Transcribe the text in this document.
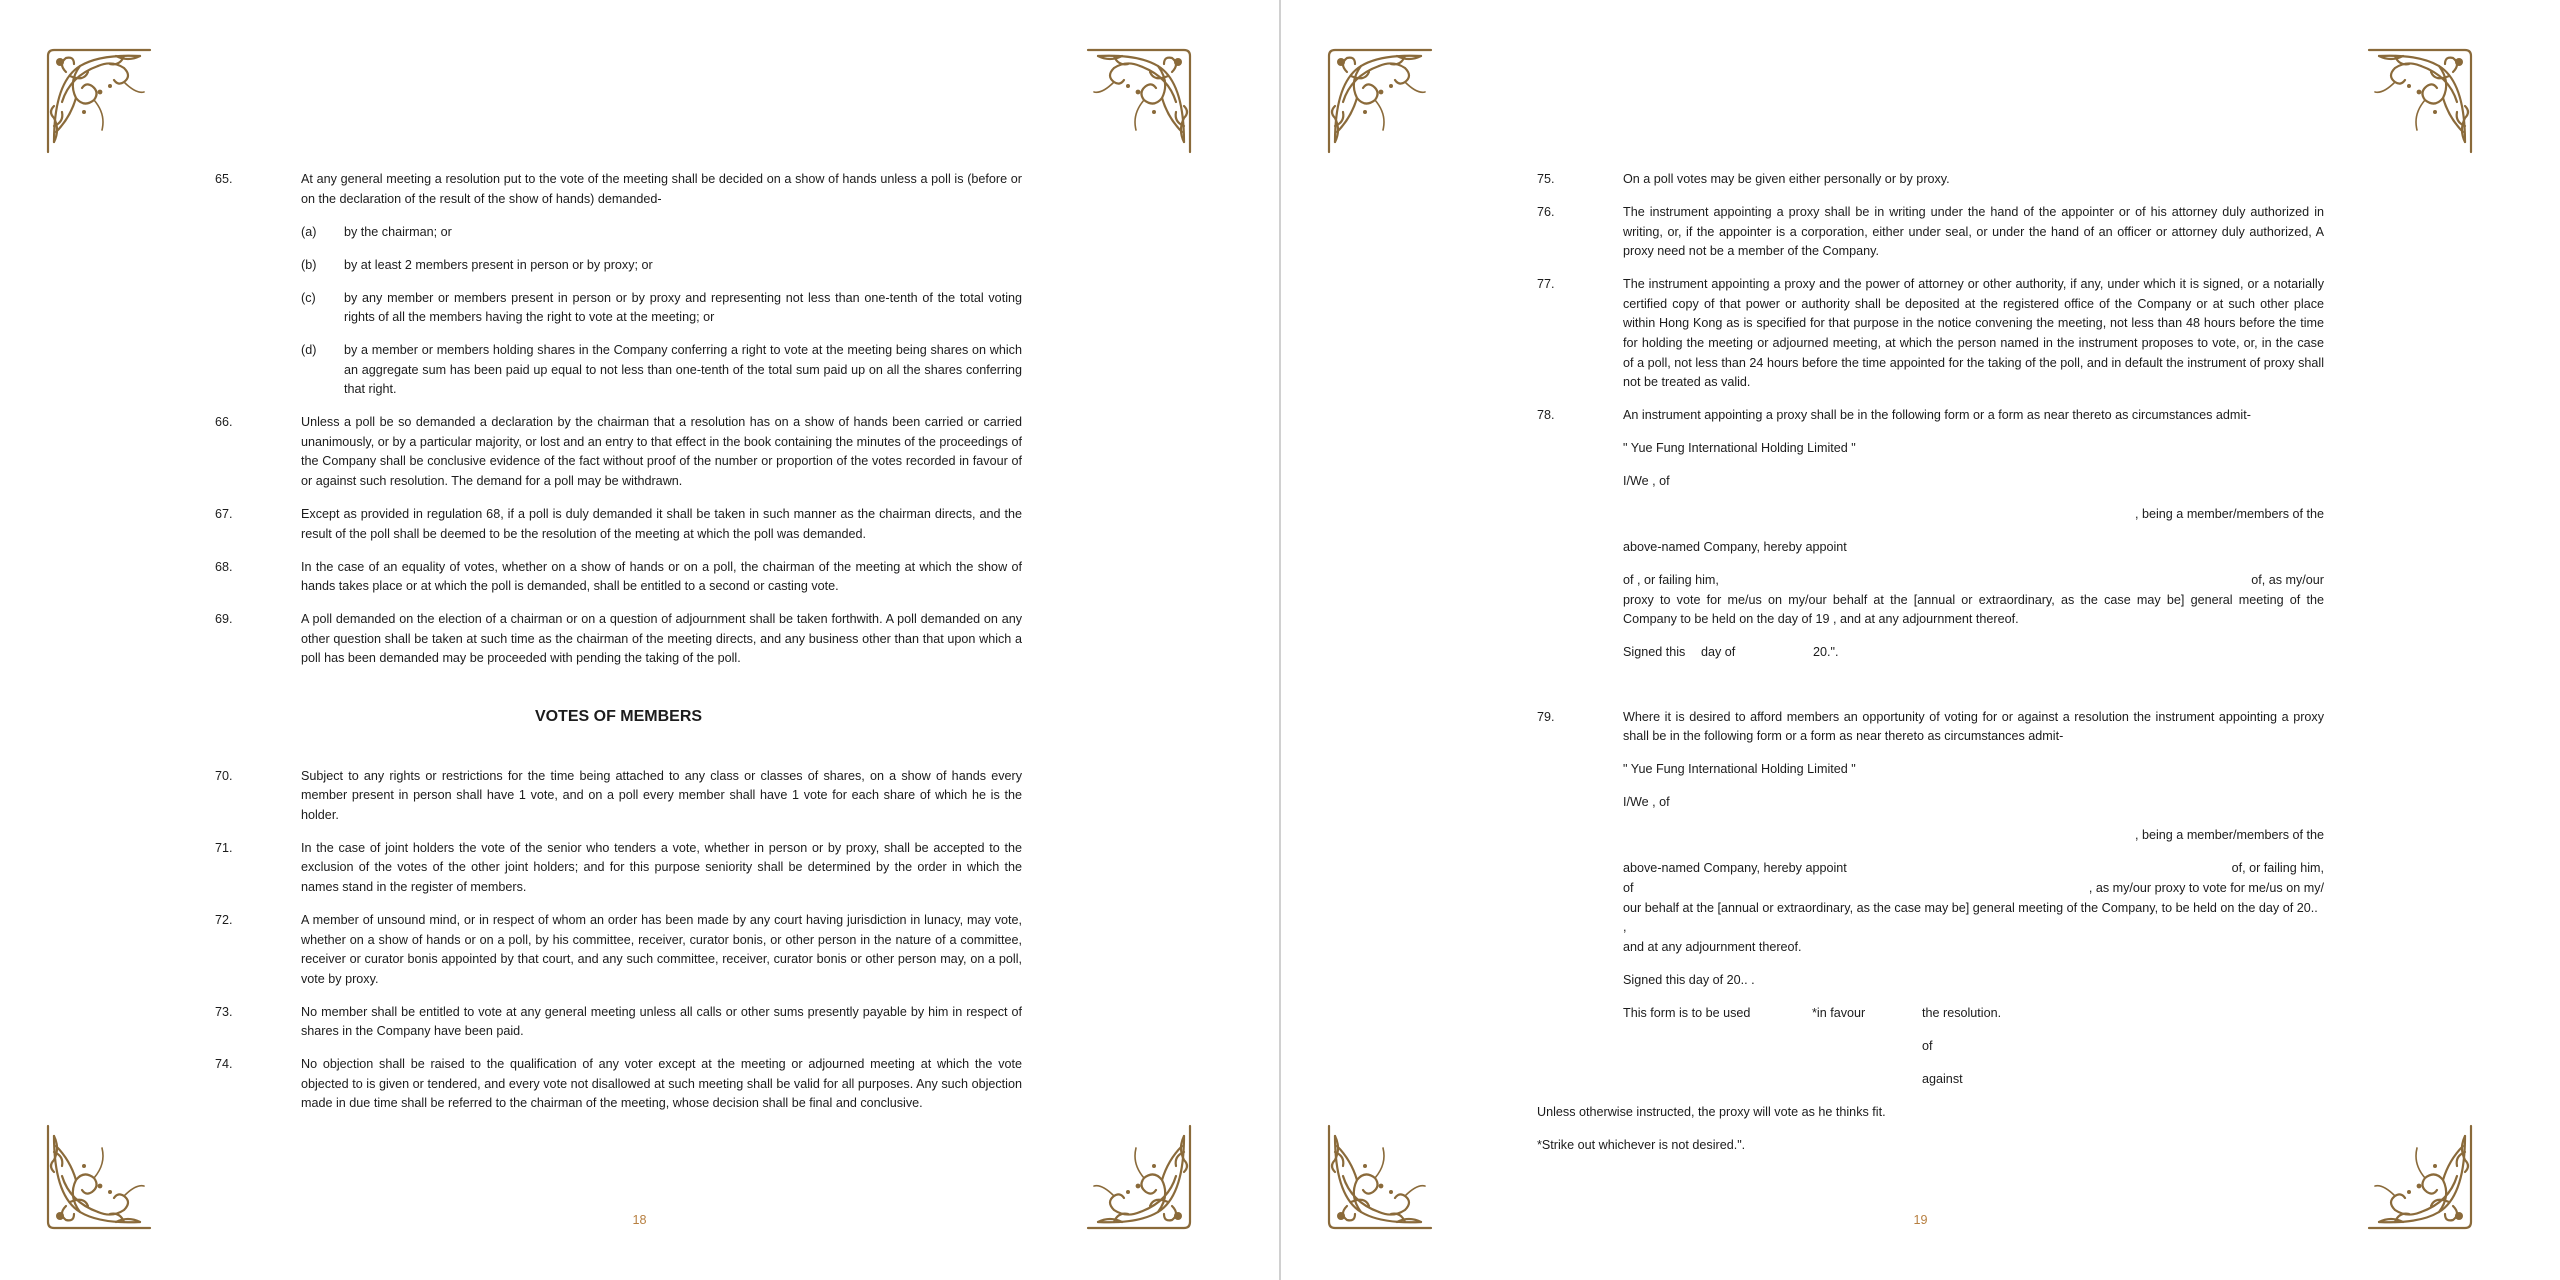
65.	At any general meeting a resolution put to the vote of the meeting shall be decided on a show of hands unless a poll is (before or on the declaration of the result of the show of hands) demanded-

(a) by the chairman; or

(b) by at least 2 members present in person or by proxy; or

(c) by any member or members present in person or by proxy and representing not less than one-tenth of the total voting rights of all the members having the right to vote at the meeting; or

(d) by a member or members holding shares in the Company conferring a right to vote at the meeting being shares on which an aggregate sum has been paid up equal to not less than one-tenth of the total sum paid up on all the shares conferring that right.

66.	Unless a poll be so demanded a declaration by the chairman that a resolution has on a show of hands been carried or carried unanimously, or by a particular majority, or lost and an entry to that effect in the book containing the minutes of the proceedings of the Company shall be conclusive evidence of the fact without proof of the number or proportion of the votes recorded in favour of or against such resolution. The demand for a poll may be withdrawn.

67.	Except as provided in regulation 68, if a poll is duly demanded it shall be taken in such manner as the chairman directs, and the result of the poll shall be deemed to be the resolution of the meeting at which the poll was demanded.

68.	In the case of an equality of votes, whether on a show of hands or on a poll, the chairman of the meeting at which the show of hands takes place or at which the poll is demanded, shall be entitled to a second or casting vote.

69.	A poll demanded on the election of a chairman or on a question of adjournment shall be taken forthwith. A poll demanded on any other question shall be taken at such time as the chairman of the meeting directs, and any business other than that upon which a poll has been demanded may be proceeded with pending the taking of the poll.

VOTES OF MEMBERS
70.	Subject to any rights or restrictions for the time being attached to any class or classes of shares, on a show of hands every member present in person shall have 1 vote, and on a poll every member shall have 1 vote for each share of which he is the holder.

71.	In the case of joint holders the vote of the senior who tenders a vote, whether in person or by proxy, shall be accepted to the exclusion of the votes of the other joint holders; and for this purpose seniority shall be determined by the order in which the names stand in the register of members.

72.	A member of unsound mind, or in respect of whom an order has been made by any court having jurisdiction in lunacy, may vote, whether on a show of hands or on a poll, by his committee, receiver, curator bonis, or other person in the nature of a committee, receiver or curator bonis appointed by that court, and any such committee, receiver, curator bonis or other person may, on a poll, vote by proxy.

73.	No member shall be entitled to vote at any general meeting unless all calls or other sums presently payable by him in respect of shares in the Company have been paid.

74.	No objection shall be raised to the qualification of any voter except at the meeting or adjourned meeting at which the vote objected to is given or tendered, and every vote not disallowed at such meeting shall be valid for all purposes. Any such objection made in due time shall be referred to the chairman of the meeting, whose decision shall be final and conclusive.

18
75.	On a poll votes may be given either personally or by proxy.

76.	The instrument appointing a proxy shall be in writing under the hand of the appointer or of his attorney duly authorized in writing, or, if the appointer is a corporation, either under seal, or under the hand of an officer or attorney duly authorized, A proxy need not be a member of the Company.

77.	The instrument appointing a proxy and the power of attorney or other authority, if any, under which it is signed, or a notarially certified copy of that power or authority shall be deposited at the registered office of the Company or at such other place within Hong Kong as is specified for that purpose in the notice convening the meeting, not less than 48 hours before the time for holding the meeting or adjourned meeting, at which the person named in the instrument proposes to vote, or, in the case of a poll, not less than 24 hours before the time appointed for the taking of the poll, and in default the instrument of proxy shall not be treated as valid.

78.	An instrument appointing a proxy shall be in the following form or a form as near thereto as circumstances admit-

" Yue Fung International Holding Limited "
I/We , of
, being a member/members of the
above-named Company, hereby appoint
of , or failing him,	of, as my/our
proxy to vote for me/us on my/our behalf at the [annual or extraordinary, as the case may be] general meeting of the Company to be held on the day of 19 , and at any adjournment thereof.
Signed this	day of	20.".
79.	Where it is desired to afford members an opportunity of voting for or against a resolution the instrument appointing a proxy shall be in the following form or a form as near thereto as circumstances admit-

" Yue Fung International Holding Limited "
I/We , of
, being a member/members of the
above-named Company, hereby appoint	of, or failing him,
of	, as my/our proxy to vote for me/us on my/
our behalf at the [annual or extraordinary, as the case may be] general meeting of the Company, to be held on the day of 20.. ,
and at any adjournment thereof.
Signed this day of 20.. .
This form is to be used	*in favour	the resolution.
of
against
Unless otherwise instructed, the proxy will vote as he thinks fit.
*Strike out whichever is not desired.".
19
